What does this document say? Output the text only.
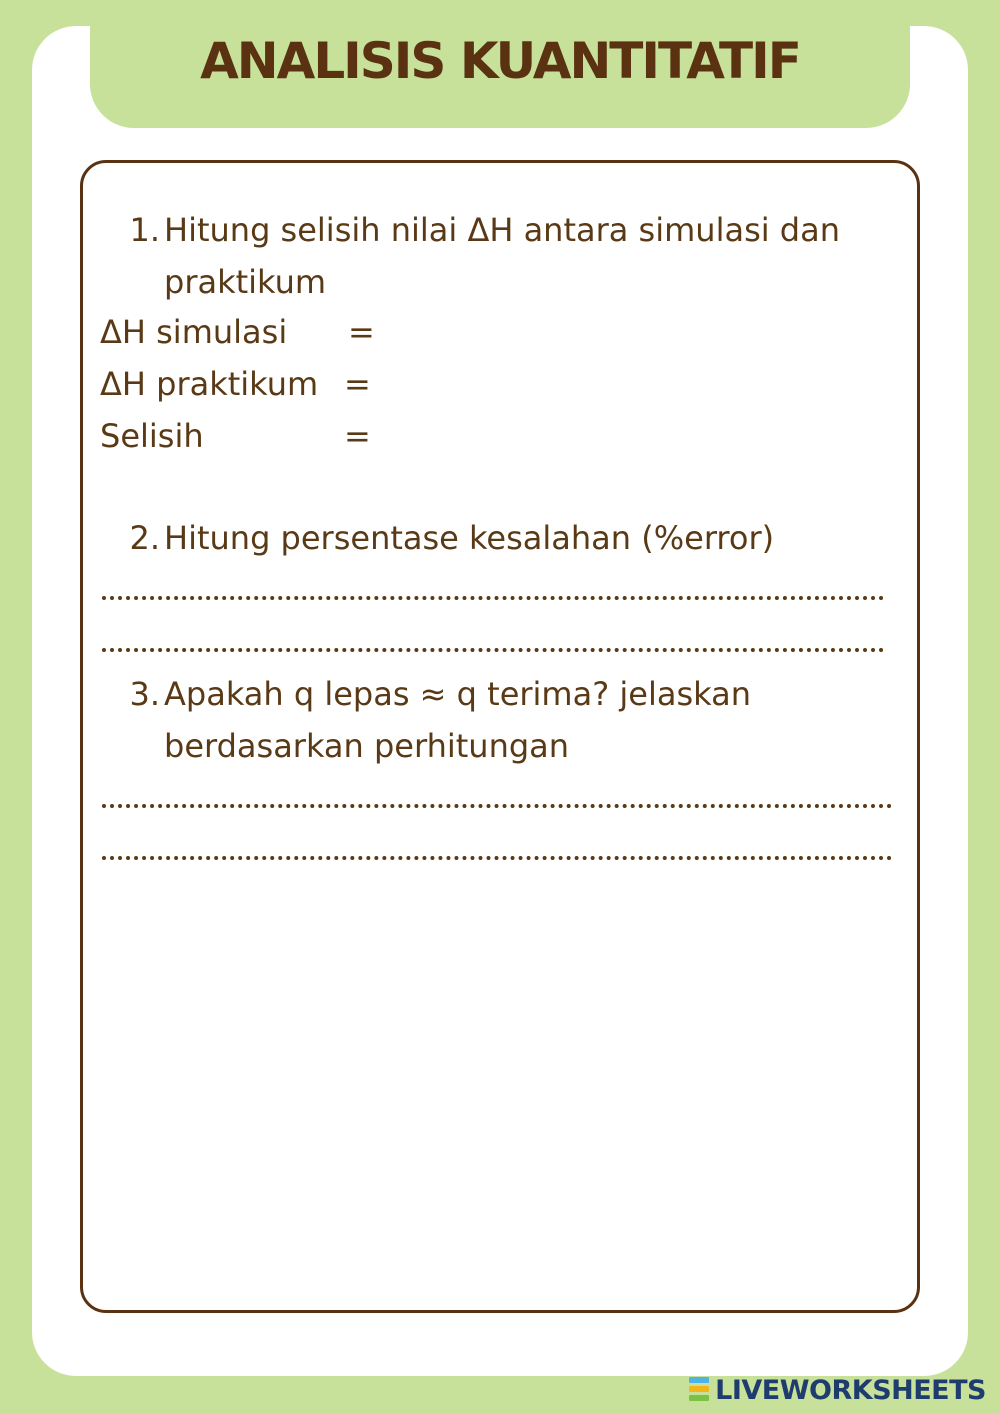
ANALISIS KUANTITATIF
1. Hitung selisih nilai ΔH antara simulasi dan praktikum
ΔH simulasi =
ΔH praktikum =
Selisih	=
2. Hitung persentase kesalahan (%error)
3. Apakah q lepas ≈ q terima? jelaskan berdasarkan perhitungan
LIVEWORKSHEETS
